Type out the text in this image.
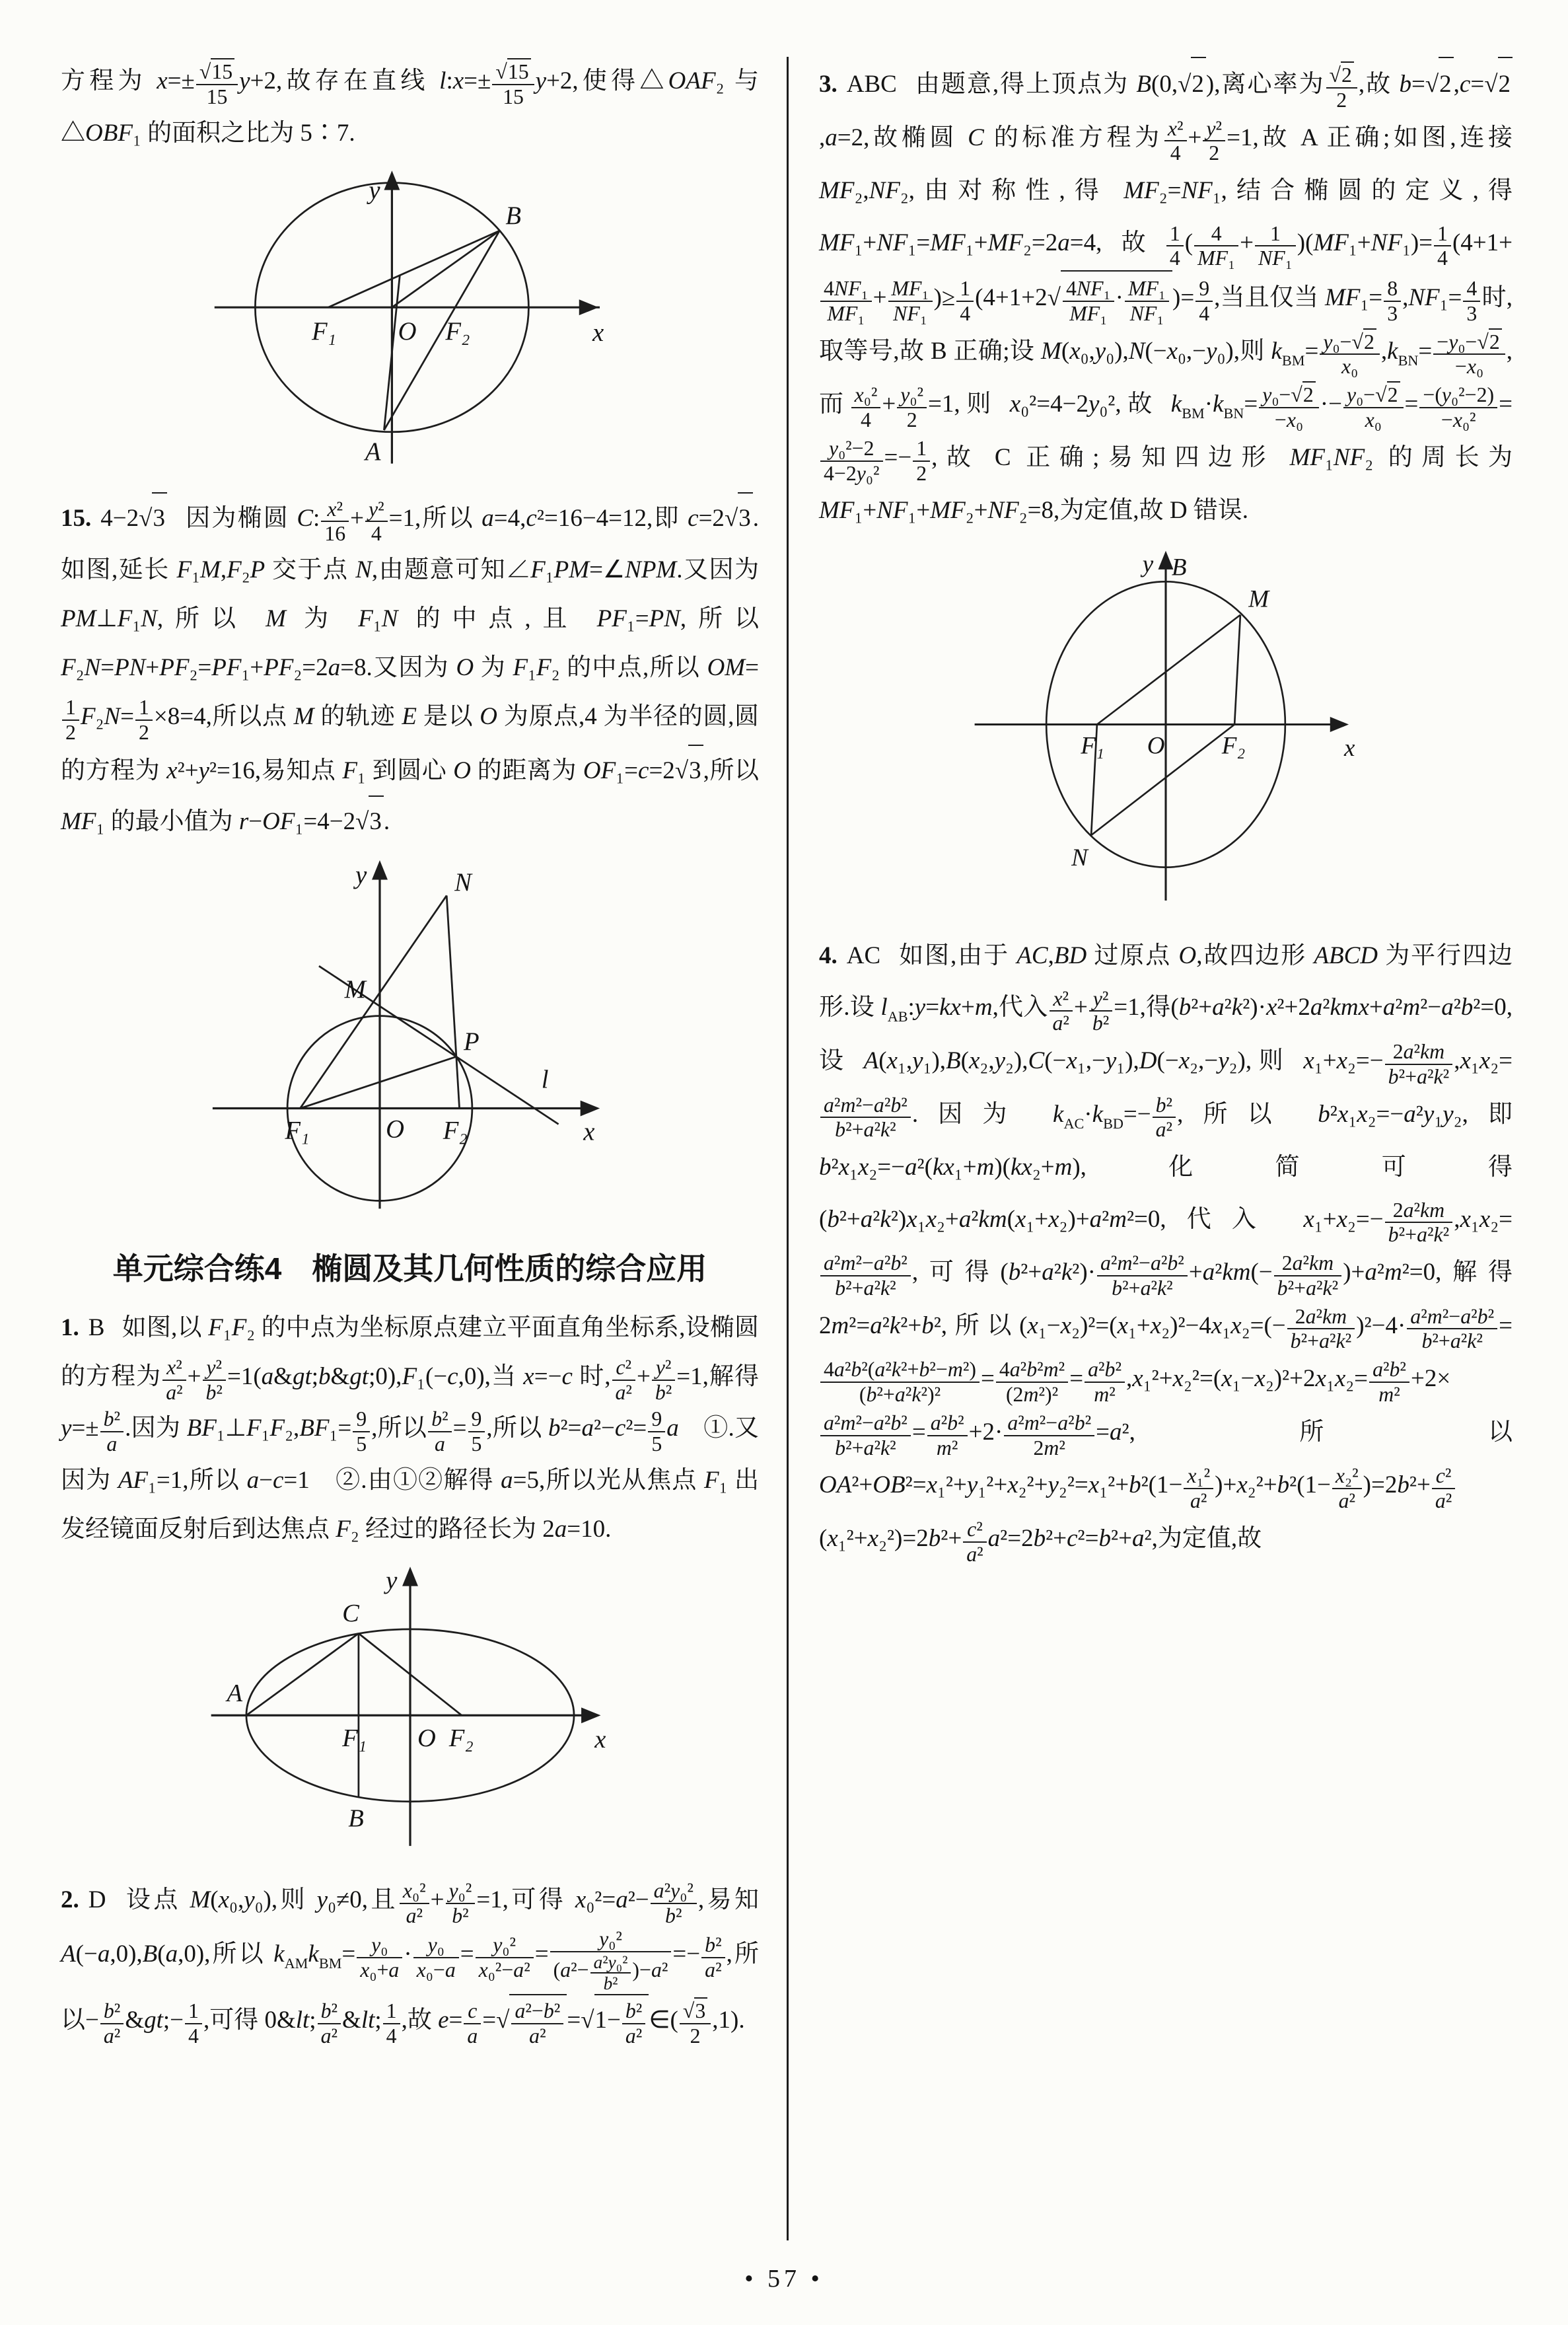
方程为 $x=\pm \frac{√15}{15} y+2$,故存在直线 l:x=± $\frac{√15}{15} y+2$,使得△OAF₂ 与△OBF₁ 的面积之比为 5∶7.

y
x
B
F₁ O F₂
A

15. 4−2√3 因为椭圆 C: $\frac{\text{x²}}{16} + \frac{\text{y²}}{4} =1$,所以 a=4,c²=16−4=12,即 c=2√3.如图,延长 F₁M,F₂P 交于点 N,由题意可知∠F₁PM=∠NPM.又因为 PM⊥F₁N,所以 M 为 F₁N 的中点,且 PF₁=PN,所以 F₂N=PN+PF₂=PF₁+PF₂=2a=8.又因为 O 为 F₁F₂ 的中点,所以 OM=
$\frac{1}{2} F_2N= \frac{1}{2} \times 8=4$,所以点 M 的轨迹 E 是以 O 为原点,4 为半径的圆,圆的方程为 x²+y²=16,易知点 F₁ 到圆心 O 的距离为 OF₁=c=2√3,所以 MF₁ 的最小值为 r−OF₁=4−2√3.

y
x
N
M
P
l
F₁	O F₂
单元综合练4　椭圆及其几何性质的综合应用

1. B 如图,以 F₁F₂ 的中点为坐标原点建立平面直角坐标系,设椭圆的方程为 $\frac{\text{x²}}{\text{a²}} + \frac{\text{y²}}{\text{b²}}$ =1(a&gt;b&gt;0),F₁(−c,0),当 x=−c 时, $\frac{\text{c²}}{\text{a²}} + \frac{\text{y²}}{\text{b²}} =1$,解得 $y=\pm \frac{\text{b²}}{a}$ .因为 BF₁⊥F₁F₂,BF₁= $\frac{9}{5}$ ,所以 $\frac{\text{b²}}{a} = \frac{9}{5}$ ,所以 $b^2=a^2-c^2= \frac{9}{5}$ a　①.又因为 AF₁=1,所以 a−c=1　②.由①②解得 a=5,所以光从焦点 F₁ 出发经镜面反射后到达焦点 F₂ 经过的路径长为 2a=10.

y
x
C
A
F₁ O F₂
B

2. D 设点 M(x₀,y₀),则 y₀≠0,且 $\frac{\text{x₀²}}{\text{a²}} + \frac{\text{y₀²}}{\text{b²}} =1$,可得 $x_0^2=a^2- \frac{\text{a²y₀²}}{\text{b²}}$ ,易知 A(−a,0),B(a,0),所以 $k_{AM}k_{BM}= \frac{\text{y₀}}{\text{x₀+a}} \cdot \frac{\text{y₀}}{\text{x₀−a}} = \frac{\text{y₀²}}{\text{x₀²−a²}} = \frac{\text{y₀²}}{(a^2- \frac{\text{a²y₀²}}{\text{b²}} )-a^2} =- \frac{\text{b²}}{\text{a²}}$ ,所以− $\frac{\text{b²}}{\text{a²}}$ &gt;− $\frac{1}{4}$ ,可得 0&lt; $\frac{\text{b²}}{\text{a²}}$ &lt; $\frac{1}{4}$ ,故 $e= \frac{c}{a}$ =√ $\frac{\text{a²−b²}}{\text{a²}} =√1- \frac{\text{b²}}{\text{a²}}$ ∈( $\frac{√3}{2} ,1$).

3. ABC 由题意,得上顶点为 B(0,√2),离心率为 $\frac{√2}{2}$ ,故 b=√2,c=√2,a=2,故椭圆 C 的标准方程为 $\frac{\text{x²}}{4} + \frac{\text{y²}}{2} =1$,故 A 正确;如图,连接 MF₂,NF₂,由对称性,得 MF₂=NF₁,结合椭圆的定义,得 MF₁+NF₁=MF₁+MF₂=2a=4,故 $\frac{1}{4}$ ( $\frac{4}{\text{MF₁}} + \frac{1}{\text{NF₁}} )(MF_1+NF_1)= \frac{1}{4} (4+1+$
$\frac{\text{4NF₁}}{\text{MF₁}} + \frac{\text{MF₁}}{\text{NF₁}}$ )≥ $\frac{1}{4} (4+1+2√ \frac{\text{4NF₁}}{\text{MF₁}} \cdot \frac{\text{MF₁}}{\text{NF₁}}$ )= $\frac{9}{4}$ ,当且仅当 $MF_1= \frac{8}{3} ,NF_1= \frac{4}{3}$ 时,取等号,故 B 正确;设 M(x₀,y₀),N(−x₀,−y₀),则 $k_{BM}= \frac{\text{y₀−√2}}{\text{x₀}} ,k_{BN}= \frac{\text{−y₀−√2}}{\text{−x₀}}$ ,而 $\frac{\text{x₀²}}{4} + \frac{\text{y₀²}}{2} =1$,则 x₀²=4−2y₀²,故 $k_{BM}\cdot k_{BN}= \frac{\text{y₀−√2}}{\text{−x₀}} \cdot- \frac{\text{y₀−√2}}{\text{x₀}} = \frac{\text{−(y₀²−2)}}{\text{−x₀²}}$ =
$\frac{\text{y₀²−2}}{\text{4−2y₀²}} =- \frac{1}{2}$ ,故 C 正确;易知四边形 MF₁NF₂ 的周长为 MF₁+NF₁+MF₂+NF₂=8,为定值,故 D 错误.

y
x
B
M
F₁ O F₂
N

4. AC 如图,由于 AC,BD 过原点 O,故四边形 ABCD 为平行四边形.设 $l_{AB}:y=kx+m$,代入 $\frac{\text{x²}}{\text{a²}} + \frac{\text{y²}}{\text{b²}} =1$,得(b²+a²k²)·x²+2a²kmx+a²m²−a²b²=0,设 A(x₁,y₁),B(x₂,y₂),C(−x₁,−y₁),D(−x₂,−y₂),则 $x_1+x_2=- \frac{\text{2a²km}}{\text{b²+a²k²}} ,x_1x_2=$
$\frac{\text{a²m²−a²b²}}{\text{b²+a²k²}}$ .因为 $k_{AC}\cdot k_{BD}=- \frac{\text{b²}}{\text{a²}}$ ,所以 b²x₁x₂=−a²y₁y₂,即 b²x₁x₂=−a²(kx₁+m)(kx₂+m),化简可得(b²+a²k²)x₁x₂+a²km(x₁+x₂)+a²m²=0,代入 $x_1+x_2=- \frac{\text{2a²km}}{\text{b²+a²k²}} ,x_1x_2=$
$\frac{\text{a²m²−a²b²}}{\text{b²+a²k²}}$ ,可得$(b^2+a^2k^2)\cdot \frac{\text{a²m²−a²b²}}{\text{b²+a²k²}} +a^2km(- \frac{\text{2a²km}}{\text{b²+a²k²}} )+a^2m^2=0$,解得 2m²=a²k²+b²,所以$(x_1-x_2)^2=(x_1+x_2)^2-4x_1x_2=(- \frac{\text{2a²km}}{\text{b²+a²k²}} )^2-4\cdot \frac{\text{a²m²−a²b²}}{\text{b²+a²k²}}$ =
$\frac{\text{4a²b²(a²k²+b²−m²)}}{\text{(b²+a²k²)²}} = \frac{\text{4a²b²m²}}{\text{(2m²)²}} = \frac{\text{a²b²}}{\text{m²}} ,x_1^2+x_2^2=(x_1-x_2)^2+2x_1x_2= \frac{\text{a²b²}}{\text{m²}} +2\times$
$\frac{\text{a²m²−a²b²}}{\text{b²+a²k²}} = \frac{\text{a²b²}}{\text{m²}} +2\cdot \frac{\text{a²m²−a²b²}}{\text{2m²}} =a^2$,所以 $OA^2+OB^2=x_1^2+y_1^2+x_2^2+y_2^2=x_1^2+b^2(1- \frac{\text{x₁²}}{\text{a²}} )+x_2^2+b^2(1- \frac{\text{x₂²}}{\text{a²}} )=2b^2+ \frac{\text{c²}}{\text{a²}}$
$(x_1^2+x_2^2)=2b^2+ \frac{\text{c²}}{\text{a²}} a^2=2b^2+c^2=b^2+a^2$,为定值,故

• 57 •
